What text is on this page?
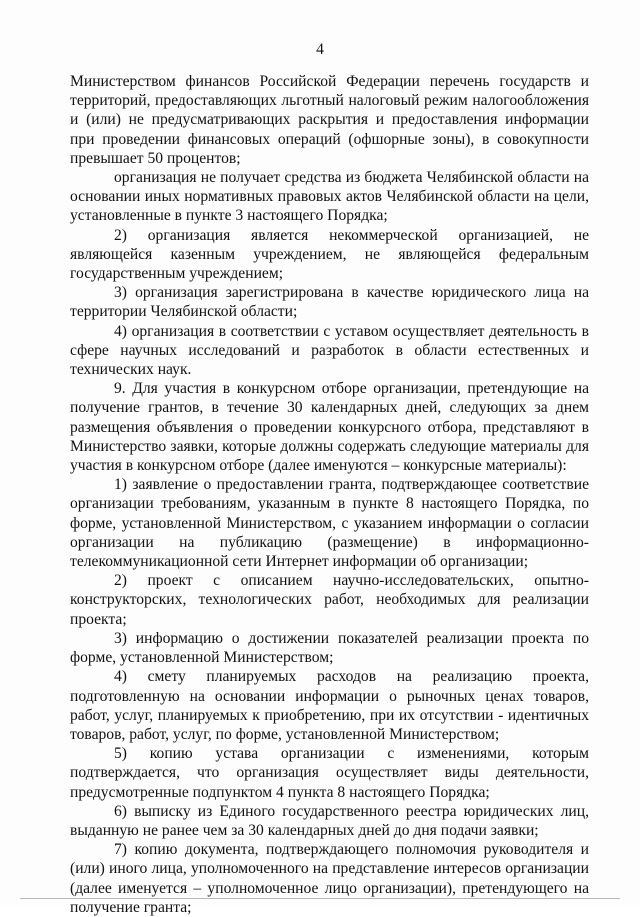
4

Министерством финансов Российской Федерации перечень государств и территорий, предоставляющих льготный налоговый режим налогообложения и (или) не предусматривающих раскрытия и предоставления информации при проведении финансовых операций (офшорные зоны), в совокупности превышает 50 процентов;

организация не получает средства из бюджета Челябинской области на основании иных нормативных правовых актов Челябинской области на цели, установленные в пункте 3 настоящего Порядка;

2) организация является некоммерческой организацией, не являющейся казенным учреждением, не являющейся федеральным государственным учреждением;

3) организация зарегистрирована в качестве юридического лица на территории Челябинской области;

4) организация в соответствии с уставом осуществляет деятельность в сфере научных исследований и разработок в области естественных и технических наук.

9. Для участия в конкурсном отборе организации, претендующие на получение грантов, в течение 30 календарных дней, следующих за днем размещения объявления о проведении конкурсного отбора, представляют в Министерство заявки, которые должны содержать следующие материалы для участия в конкурсном отборе (далее именуются – конкурсные материалы):

1) заявление о предоставлении гранта, подтверждающее соответствие организации требованиям, указанным в пункте 8 настоящего Порядка, по форме, установленной Министерством, с указанием информации о согласии организации на публикацию (размещение) в информационно-телекоммуникационной сети Интернет информации об организации;

2) проект с описанием научно-исследовательских, опытно-конструкторских, технологических работ, необходимых для реализации проекта;

3) информацию о достижении показателей реализации проекта по форме, установленной Министерством;

4) смету планируемых расходов на реализацию проекта, подготовленную на основании информации о рыночных ценах товаров, работ, услуг, планируемых к приобретению, при их отсутствии - идентичных товаров, работ, услуг, по форме, установленной Министерством;

5) копию устава организации с изменениями, которым подтверждается, что организация осуществляет виды деятельности, предусмотренные подпунктом 4 пункта 8 настоящего Порядка;

6) выписку из Единого государственного реестра юридических лиц, выданную не ранее чем за 30 календарных дней до дня подачи заявки;

7) копию документа, подтверждающего полномочия руководителя и (или) иного лица, уполномоченного на представление интересов организации (далее именуется – уполномоченное лицо организации), претендующего на получение гранта;
